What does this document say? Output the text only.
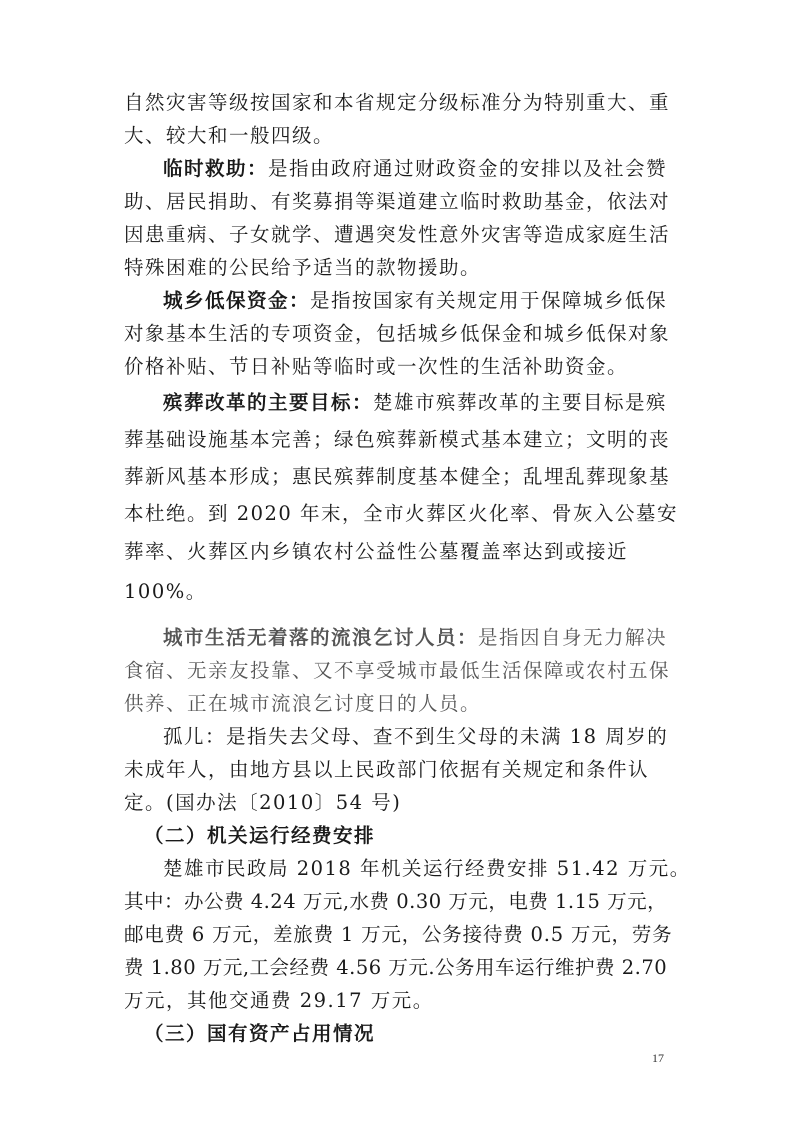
自然灾害等级按国家和本省规定分级标准分为特别重大、重
大、较大和一般四级。
临时救助：是指由政府通过财政资金的安排以及社会赞
助、居民捐助、有奖募捐等渠道建立临时救助基金，依法对
因患重病、子女就学、遭遇突发性意外灾害等造成家庭生活
特殊困难的公民给予适当的款物援助。
城乡低保资金：是指按国家有关规定用于保障城乡低保
对象基本生活的专项资金，包括城乡低保金和城乡低保对象
价格补贴、节日补贴等临时或一次性的生活补助资金。
殡葬改革的主要目标：楚雄市殡葬改革的主要目标是殡
葬基础设施基本完善；绿色殡葬新模式基本建立；文明的丧
葬新风基本形成；惠民殡葬制度基本健全；乱埋乱葬现象基
本杜绝。到 2020 年末，全市火葬区火化率、骨灰入公墓安
葬率、火葬区内乡镇农村公益性公墓覆盖率达到或接近
100%。
城市生活无着落的流浪乞讨人员：是指因自身无力解决
食宿、无亲友投靠、又不享受城市最低生活保障或农村五保
供养、正在城市流浪乞讨度日的人员。
孤儿：是指失去父母、查不到生父母的未满 18 周岁的
未成年人，由地方县以上民政部门依据有关规定和条件认
定。(国办法〔2010〕54 号)
（二）机关运行经费安排
楚雄市民政局 2018 年机关运行经费安排 51.42 万元。
其中：办公费 4.24 万元,水费 0.30 万元，电费 1.15 万元，
邮电费 6 万元，差旅费 1 万元，公务接待费 0.5 万元，劳务
费 1.80 万元,工会经费 4.56 万元.公务用车运行维护费 2.70
万元，其他交通费 29.17 万元。
（三）国有资产占用情况
17
